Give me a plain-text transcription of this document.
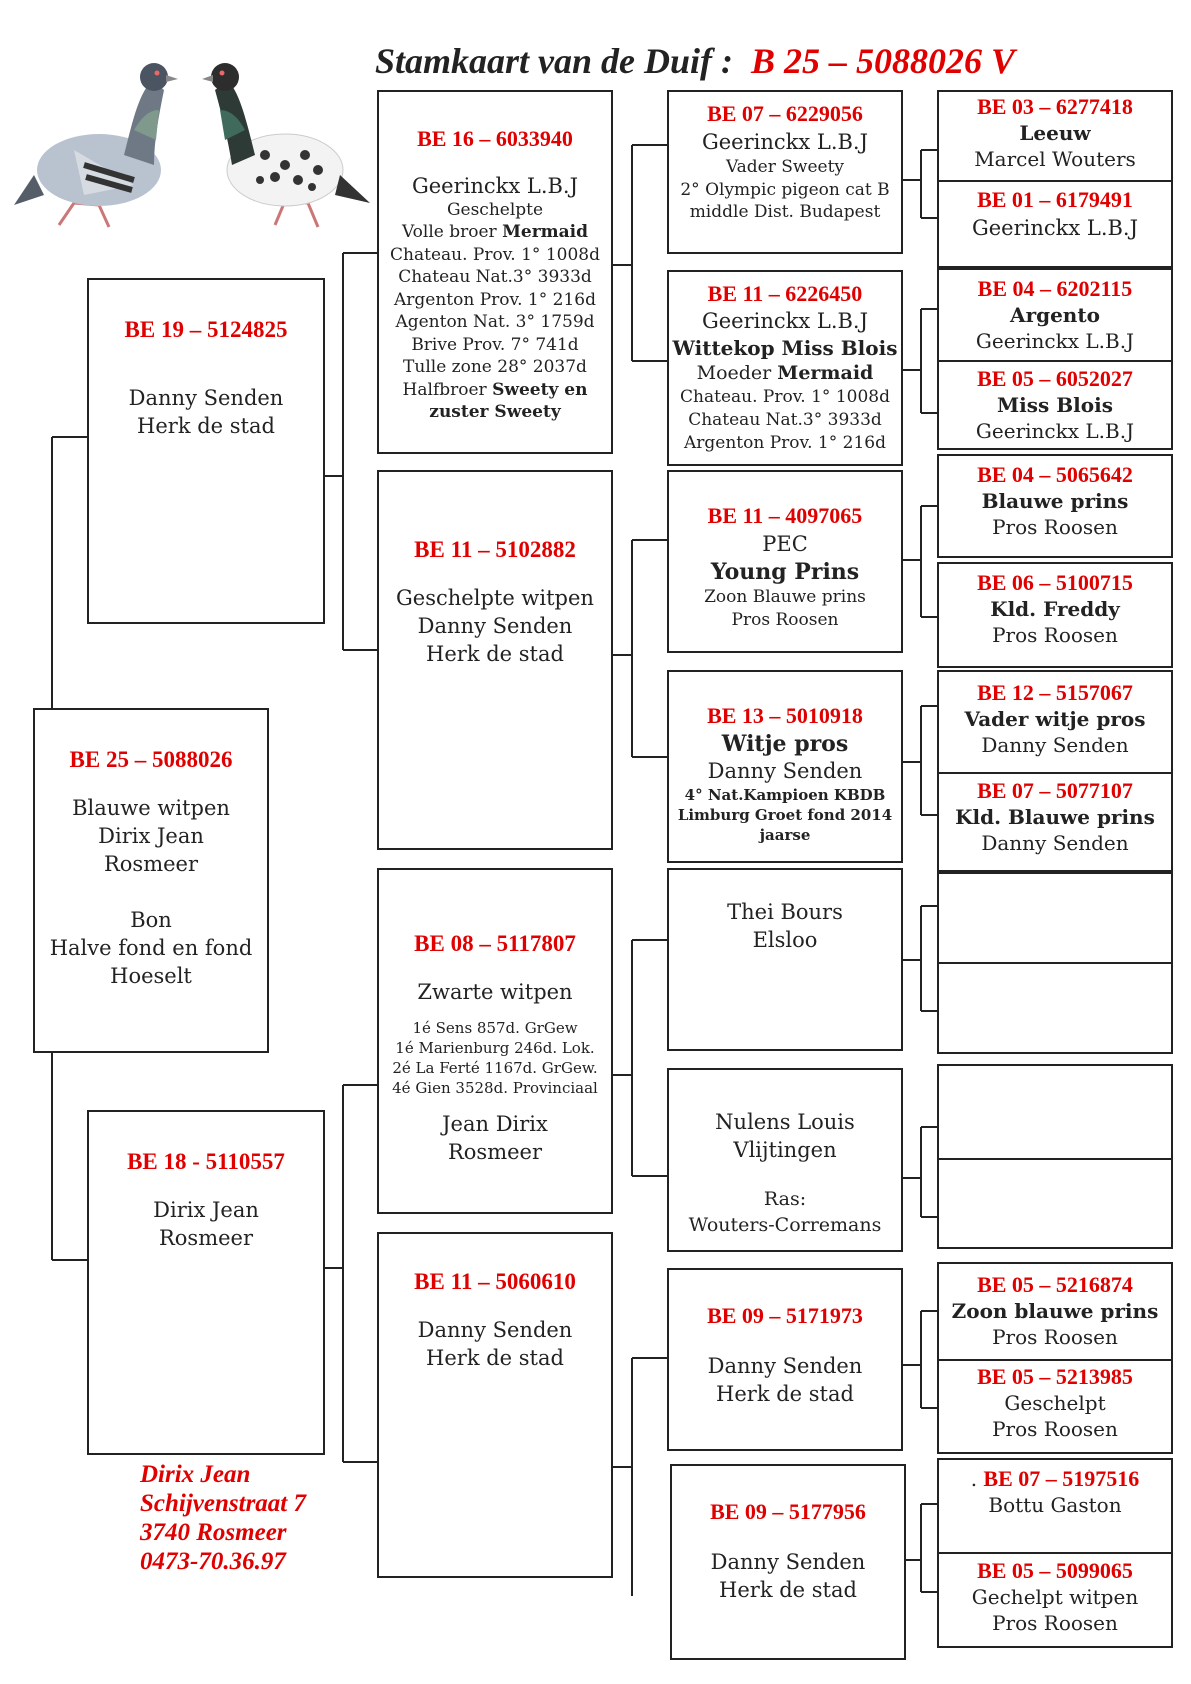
Stamkaart van de Duif : B 25 – 5088026 V
BE 25 – 5088026
Blauwe witpen
Dirix Jean
Rosmeer
Bon
Halve fond en fond
Hoeselt
BE 19 – 5124825
Danny Senden
Herk de stad
BE 18 - 5110557
Dirix Jean
Rosmeer
BE 16 – 6033940
Geerinckx L.B.J
Geschelpte
Volle broer Mermaid
Chateau. Prov. 1° 1008d
Chateau Nat.3° 3933d
Argenton Prov. 1° 216d
Agenton Nat. 3° 1759d
Brive Prov. 7° 741d
Tulle zone 28° 2037d
Halfbroer Sweety en
zuster Sweety
BE 11 – 5102882
Geschelpte witpen
Danny Senden
Herk de stad
BE 08 – 5117807
Zwarte witpen
1é Sens 857d. GrGew
1é Marienburg 246d. Lok.
2é La Ferté 1167d. GrGew.
4é Gien 3528d. Provinciaal
Jean Dirix
Rosmeer
BE 11 – 5060610
Danny Senden
Herk de stad
BE 07 – 6229056
Geerinckx L.B.J
Vader Sweety
2° Olympic pigeon cat B
middle Dist. Budapest
BE 11 – 6226450
Geerinckx L.B.J
Wittekop Miss Blois
Moeder Mermaid
Chateau. Prov. 1° 1008d
Chateau Nat.3° 3933d
Argenton Prov. 1° 216d
BE 11 – 4097065
PEC
Young Prins
Zoon Blauwe prins
Pros Roosen
BE 13 – 5010918
Witje pros
Danny Senden
4° Nat.Kampioen KBDB
Limburg Groet fond 2014
jaarse
Thei Bours
Elsloo
Nulens Louis
Vlijtingen
Ras:
Wouters-Corremans
BE 09 – 5171973
Danny Senden
Herk de stad
BE 09 – 5177956
Danny Senden
Herk de stad
BE 03 – 6277418
Leeuw
Marcel Wouters
BE 01 – 6179491
Geerinckx L.B.J
BE 04 – 6202115
Argento
Geerinckx L.B.J
BE 05 – 6052027
Miss Blois
Geerinckx L.B.J
BE 04 – 5065642
Blauwe prins
Pros Roosen
BE 06 – 5100715
Kld. Freddy
Pros Roosen
BE 12 – 5157067
Vader witje pros
Danny Senden
BE 07 – 5077107
Kld. Blauwe prins
Danny Senden
BE 05 – 5216874
Zoon blauwe prins
Pros Roosen
BE 05 – 5213985
Geschelpt
Pros Roosen
. BE 07 – 5197516
Bottu Gaston
BE 05 – 5099065
Gechelpt witpen
Pros Roosen
Dirix Jean
Schijvenstraat 7
3740 Rosmeer
0473-70.36.97
